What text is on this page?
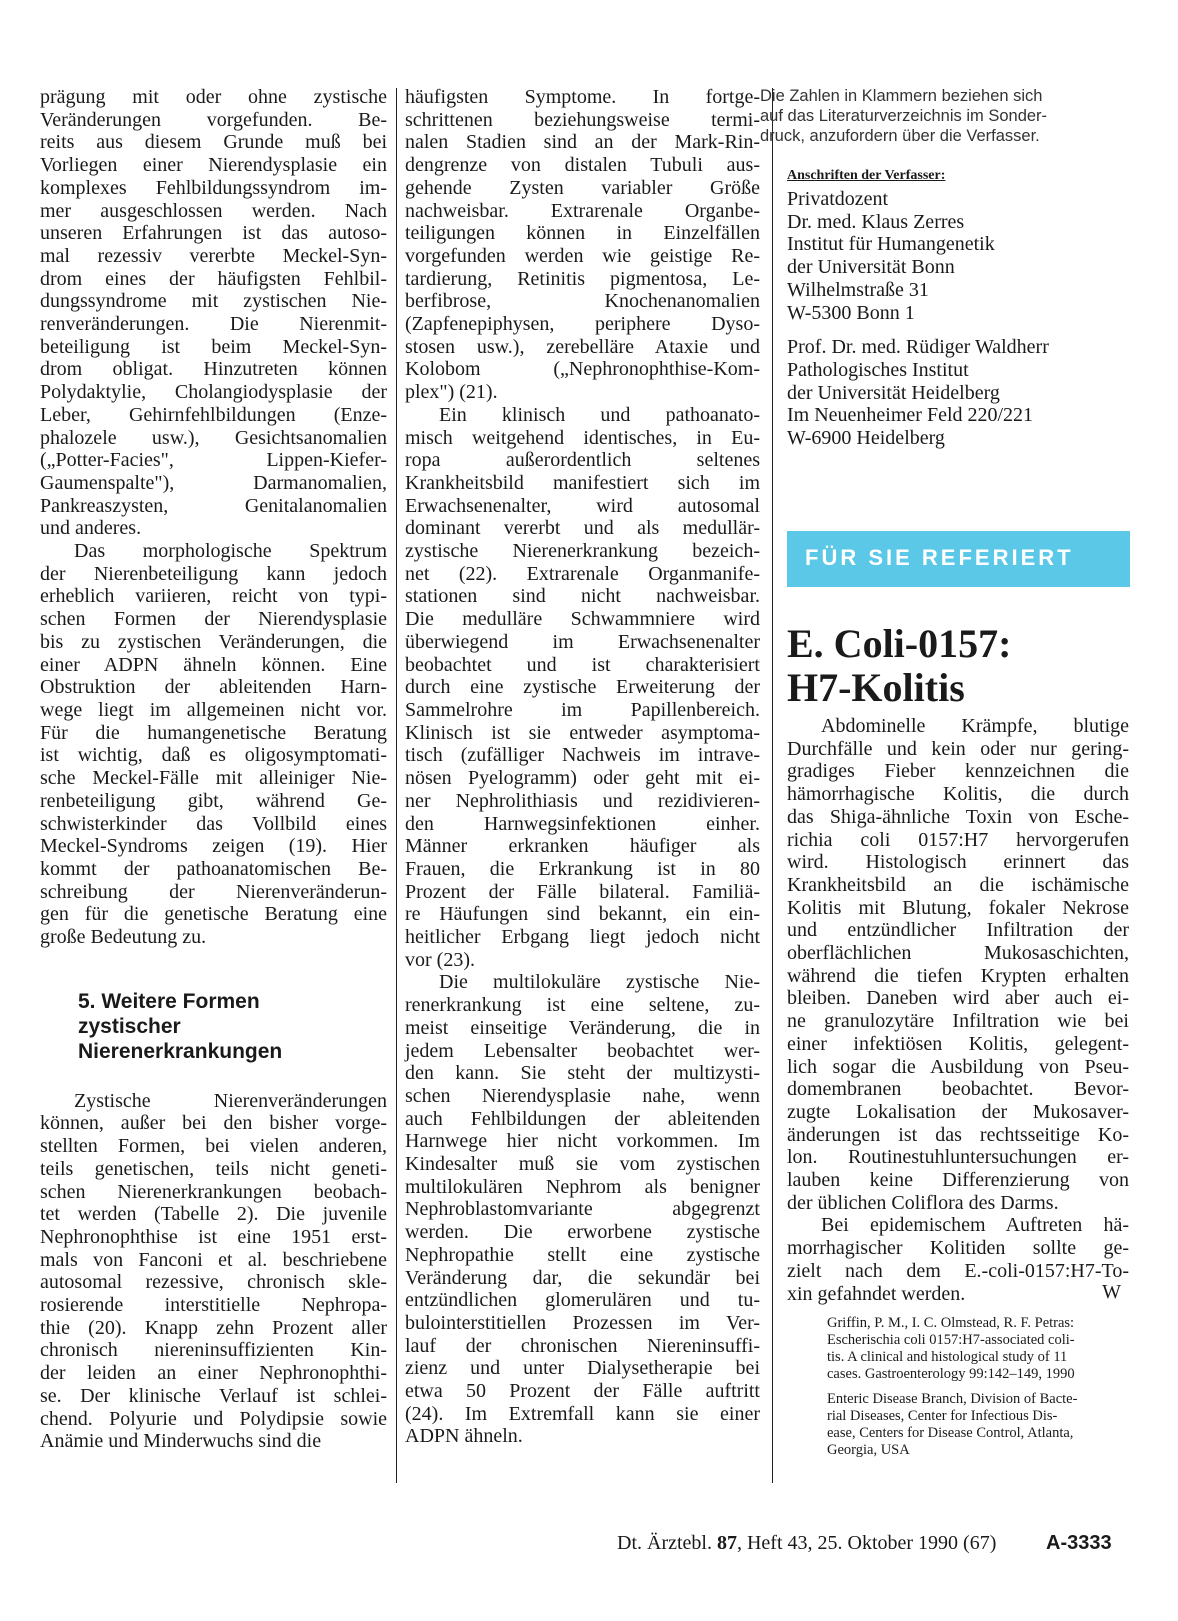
prägung mit oder ohne zystische
Veränderungen vorgefunden. Be-
reits aus diesem Grunde muß bei
Vorliegen einer Nierendysplasie ein
komplexes Fehlbildungssyndrom im-
mer ausgeschlossen werden. Nach
unseren Erfahrungen ist das autoso-
mal rezessiv vererbte Meckel-Syn-
drom eines der häufigsten Fehlbil-
dungssyndrome mit zystischen Nie-
renveränderungen. Die Nierenmit-
beteiligung ist beim Meckel-Syn-
drom obligat. Hinzutreten können
Polydaktylie, Cholangiodysplasie der
Leber, Gehirnfehlbildungen (Enze-
phalozele usw.), Gesichtsanomalien
(„Potter-Facies", Lippen-Kiefer-
Gaumenspalte"), Darmanomalien,
Pankreaszysten, Genitalanomalien
und anderes.
Das morphologische Spektrum
der Nierenbeteiligung kann jedoch
erheblich variieren, reicht von typi-
schen Formen der Nierendysplasie
bis zu zystischen Veränderungen, die
einer ADPN ähneln können. Eine
Obstruktion der ableitenden Harn-
wege liegt im allgemeinen nicht vor.
Für die humangenetische Beratung
ist wichtig, daß es oligosymptomati-
sche Meckel-Fälle mit alleiniger Nie-
renbeteiligung gibt, während Ge-
schwisterkinder das Vollbild eines
Meckel-Syndroms zeigen (19). Hier
kommt der pathoanatomischen Be-
schreibung der Nierenveränderun-
gen für die genetische Beratung eine
große Bedeutung zu.
5. Weitere Formen
zystischer
Nierenerkrankungen
Zystische Nierenveränderungen
können, außer bei den bisher vorge-
stellten Formen, bei vielen anderen,
teils genetischen, teils nicht geneti-
schen Nierenerkrankungen beobach-
tet werden (Tabelle 2). Die juvenile
Nephronophthise ist eine 1951 erst-
mals von Fanconi et al. beschriebene
autosomal rezessive, chronisch skle-
rosierende interstitielle Nephropa-
thie (20). Knapp zehn Prozent aller
chronisch niereninsuffizienten Kin-
der leiden an einer Nephronophthi-
se. Der klinische Verlauf ist schlei-
chend. Polyurie und Polydipsie sowie
Anämie und Minderwuchs sind die
häufigsten Symptome. In fortge-
schrittenen beziehungsweise termi-
nalen Stadien sind an der Mark-Rin-
dengrenze von distalen Tubuli aus-
gehende Zysten variabler Größe
nachweisbar. Extrarenale Organbe-
teiligungen können in Einzelfällen
vorgefunden werden wie geistige Re-
tardierung, Retinitis pigmentosa, Le-
berfibrose, Knochenanomalien
(Zapfenepiphysen, periphere Dyso-
stosen usw.), zerebelläre Ataxie und
Kolobom („Nephronophthise-Kom-
plex") (21).
Ein klinisch und pathoanato-
misch weitgehend identisches, in Eu-
ropa außerordentlich seltenes
Krankheitsbild manifestiert sich im
Erwachsenenalter, wird autosomal
dominant vererbt und als medullär-
zystische Nierenerkrankung bezeich-
net (22). Extrarenale Organmanife-
stationen sind nicht nachweisbar.
Die medulläre Schwammniere wird
überwiegend im Erwachsenenalter
beobachtet und ist charakterisiert
durch eine zystische Erweiterung der
Sammelrohre im Papillenbereich.
Klinisch ist sie entweder asymptoma-
tisch (zufälliger Nachweis im intrave-
nösen Pyelogramm) oder geht mit ei-
ner Nephrolithiasis und rezidivieren-
den Harnwegsinfektionen einher.
Männer erkranken häufiger als
Frauen, die Erkrankung ist in 80
Prozent der Fälle bilateral. Familiä-
re Häufungen sind bekannt, ein ein-
heitlicher Erbgang liegt jedoch nicht
vor (23).
Die multilokuläre zystische Nie-
renerkrankung ist eine seltene, zu-
meist einseitige Veränderung, die in
jedem Lebensalter beobachtet wer-
den kann. Sie steht der multizysti-
schen Nierendysplasie nahe, wenn
auch Fehlbildungen der ableitenden
Harnwege hier nicht vorkommen. Im
Kindesalter muß sie vom zystischen
multilokulären Nephrom als benigner
Nephroblastomvariante abgegrenzt
werden. Die erworbene zystische
Nephropathie stellt eine zystische
Veränderung dar, die sekundär bei
entzündlichen glomerulären und tu-
bulointerstitiellen Prozessen im Ver-
lauf der chronischen Niereninsuffi-
zienz und unter Dialysetherapie bei
etwa 50 Prozent der Fälle auftritt
(24). Im Extremfall kann sie einer
ADPN ähneln.
Die Zahlen in Klammern beziehen sich
auf das Literaturverzeichnis im Sonder-
druck, anzufordern über die Verfasser.
Anschriften der Verfasser:
Privatdozent
Dr. med. Klaus Zerres
Institut für Humangenetik
der Universität Bonn
Wilhelmstraße 31
W-5300 Bonn 1
Prof. Dr. med. Rüdiger Waldherr
Pathologisches Institut
der Universität Heidelberg
Im Neuenheimer Feld 220/221
W-6900 Heidelberg
FÜR SIE REFERIERT
E. Coli-0157:
H7-Kolitis
Abdominelle Krämpfe, blutige
Durchfälle und kein oder nur gering-
gradiges Fieber kennzeichnen die
hämorrhagische Kolitis, die durch
das Shiga-ähnliche Toxin von Esche-
richia coli 0157:H7 hervorgerufen
wird. Histologisch erinnert das
Krankheitsbild an die ischämische
Kolitis mit Blutung, fokaler Nekrose
und entzündlicher Infiltration der
oberflächlichen Mukosaschichten,
während die tiefen Krypten erhalten
bleiben. Daneben wird aber auch ei-
ne granulozytäre Infiltration wie bei
einer infektiösen Kolitis, gelegent-
lich sogar die Ausbildung von Pseu-
domembranen beobachtet. Bevor-
zugte Lokalisation der Mukosaver-
änderungen ist das rechtsseitige Ko-
lon. Routinestuhluntersuchungen er-
lauben keine Differenzierung von
der üblichen Coliflora des Darms.
Bei epidemischem Auftreten hä-
morrhagischer Kolitiden sollte ge-
zielt nach dem E.-coli-0157:H7-To-
xin gefahndet werden.	W
Griffin, P. M., I. C. Olmstead, R. F. Petras:
Escherischia coli 0157:H7-associated coli-
tis. A clinical and histological study of 11
cases. Gastroenterology 99:142–149, 1990
Enteric Disease Branch, Division of Bacte-
rial Diseases, Center for Infectious Dis-
ease, Centers for Disease Control, Atlanta,
Georgia, USA
Dt. Ärztebl. 87, Heft 43, 25. Oktober 1990 (67) A-3333
